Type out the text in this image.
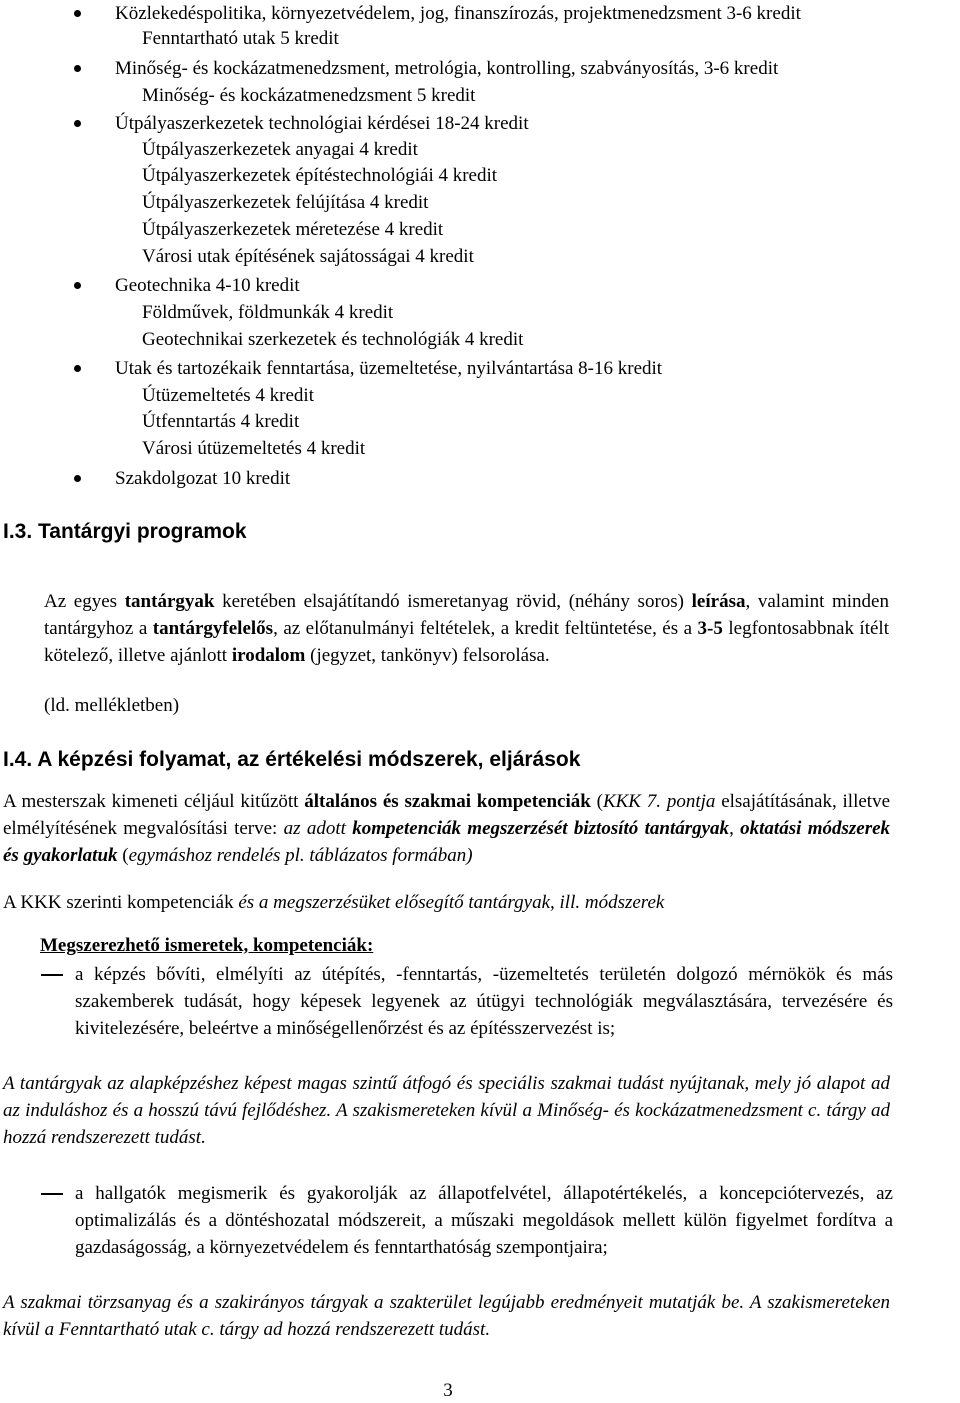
Közlekedéspolitika, környezetvédelem, jog, finanszírozás, projektmenedzsment 3-6 kredit
Fenntartható utak 5 kredit
Minőség- és kockázatmenedzsment, metrológia, kontrolling, szabványosítás, 3-6 kredit
Minőség- és kockázatmenedzsment 5 kredit
Útpályaszerkezetek technológiai kérdései 18-24 kredit
Útpályaszerkezetek anyagai 4 kredit
Útpályaszerkezetek építéstechnológiái 4 kredit
Útpályaszerkezetek felújítása 4 kredit
Útpályaszerkezetek méretezése 4 kredit
Városi utak építésének sajátosságai 4 kredit
Geotechnika 4-10 kredit
Földművek, földmunkák 4 kredit
Geotechnikai szerkezetek és technológiák 4 kredit
Utak és tartozékaik fenntartása, üzemeltetése, nyilvántartása 8-16 kredit
Útüzemeltetés 4 kredit
Útfenntartás 4 kredit
Városi útüzemeltetés 4 kredit
Szakdolgozat 10 kredit
I.3. Tantárgyi programok
Az egyes tantárgyak keretében elsajátítandó ismeretanyag rövid, (néhány soros) leírása, valamint minden tantárgyhoz a tantárgyfelelős, az előtanulmányi feltételek, a kredit feltüntetése, és a 3-5 legfontosabbnak ítélt kötelező, illetve ajánlott irodalom (jegyzet, tankönyv) felsorolása.
(ld. mellékletben)
I.4. A képzési folyamat, az értékelési módszerek, eljárások
A mesterszak kimeneti céljául kitűzött általános és szakmai kompetenciák (KKK 7. pontja elsajátításának, illetve elmélyítésének megvalósítási terve: az adott kompetenciák megszerzését biztosító tantárgyak, oktatási módszerek és gyakorlatuk (egymáshoz rendelés pl. táblázatos formában)
A KKK szerinti kompetenciák és a megszerzésüket elősegítő tantárgyak, ill. módszerek
Megszerezhető ismeretek, kompetenciák:
a képzés bővíti, elmélyíti az útépítés, -fenntartás, -üzemeltetés területén dolgozó mérnökök és más szakemberek tudását, hogy képesek legyenek az útügyi technológiák megválasztására, tervezésére és kivitelezésére, beleértve a minőségellenőrzést és az építésszervezést is;
A tantárgyak az alapképzéshez képest magas szintű átfogó és speciális szakmai tudást nyújtanak, mely jó alapot ad az induláshoz és a hosszú távú fejlődéshez. A szakismereteken kívül a Minőség- és kockázatmenedzsment c. tárgy ad hozzá rendszerezett tudást.
a hallgatók megismerik és gyakorolják az állapotfelvétel, állapotértékelés, a koncepciótervezés, az optimalizálás és a döntéshozatal módszereit, a műszaki megoldások mellett külön figyelmet fordítva a gazdaságosság, a környezetvédelem és fenntarthatóság szempontjaira;
A szakmai törzsanyag és a szakirányos tárgyak a szakterület legújabb eredményeit mutatják be. A szakismereteken kívül a Fenntartható utak c. tárgy ad hozzá rendszerezett tudást.
3
